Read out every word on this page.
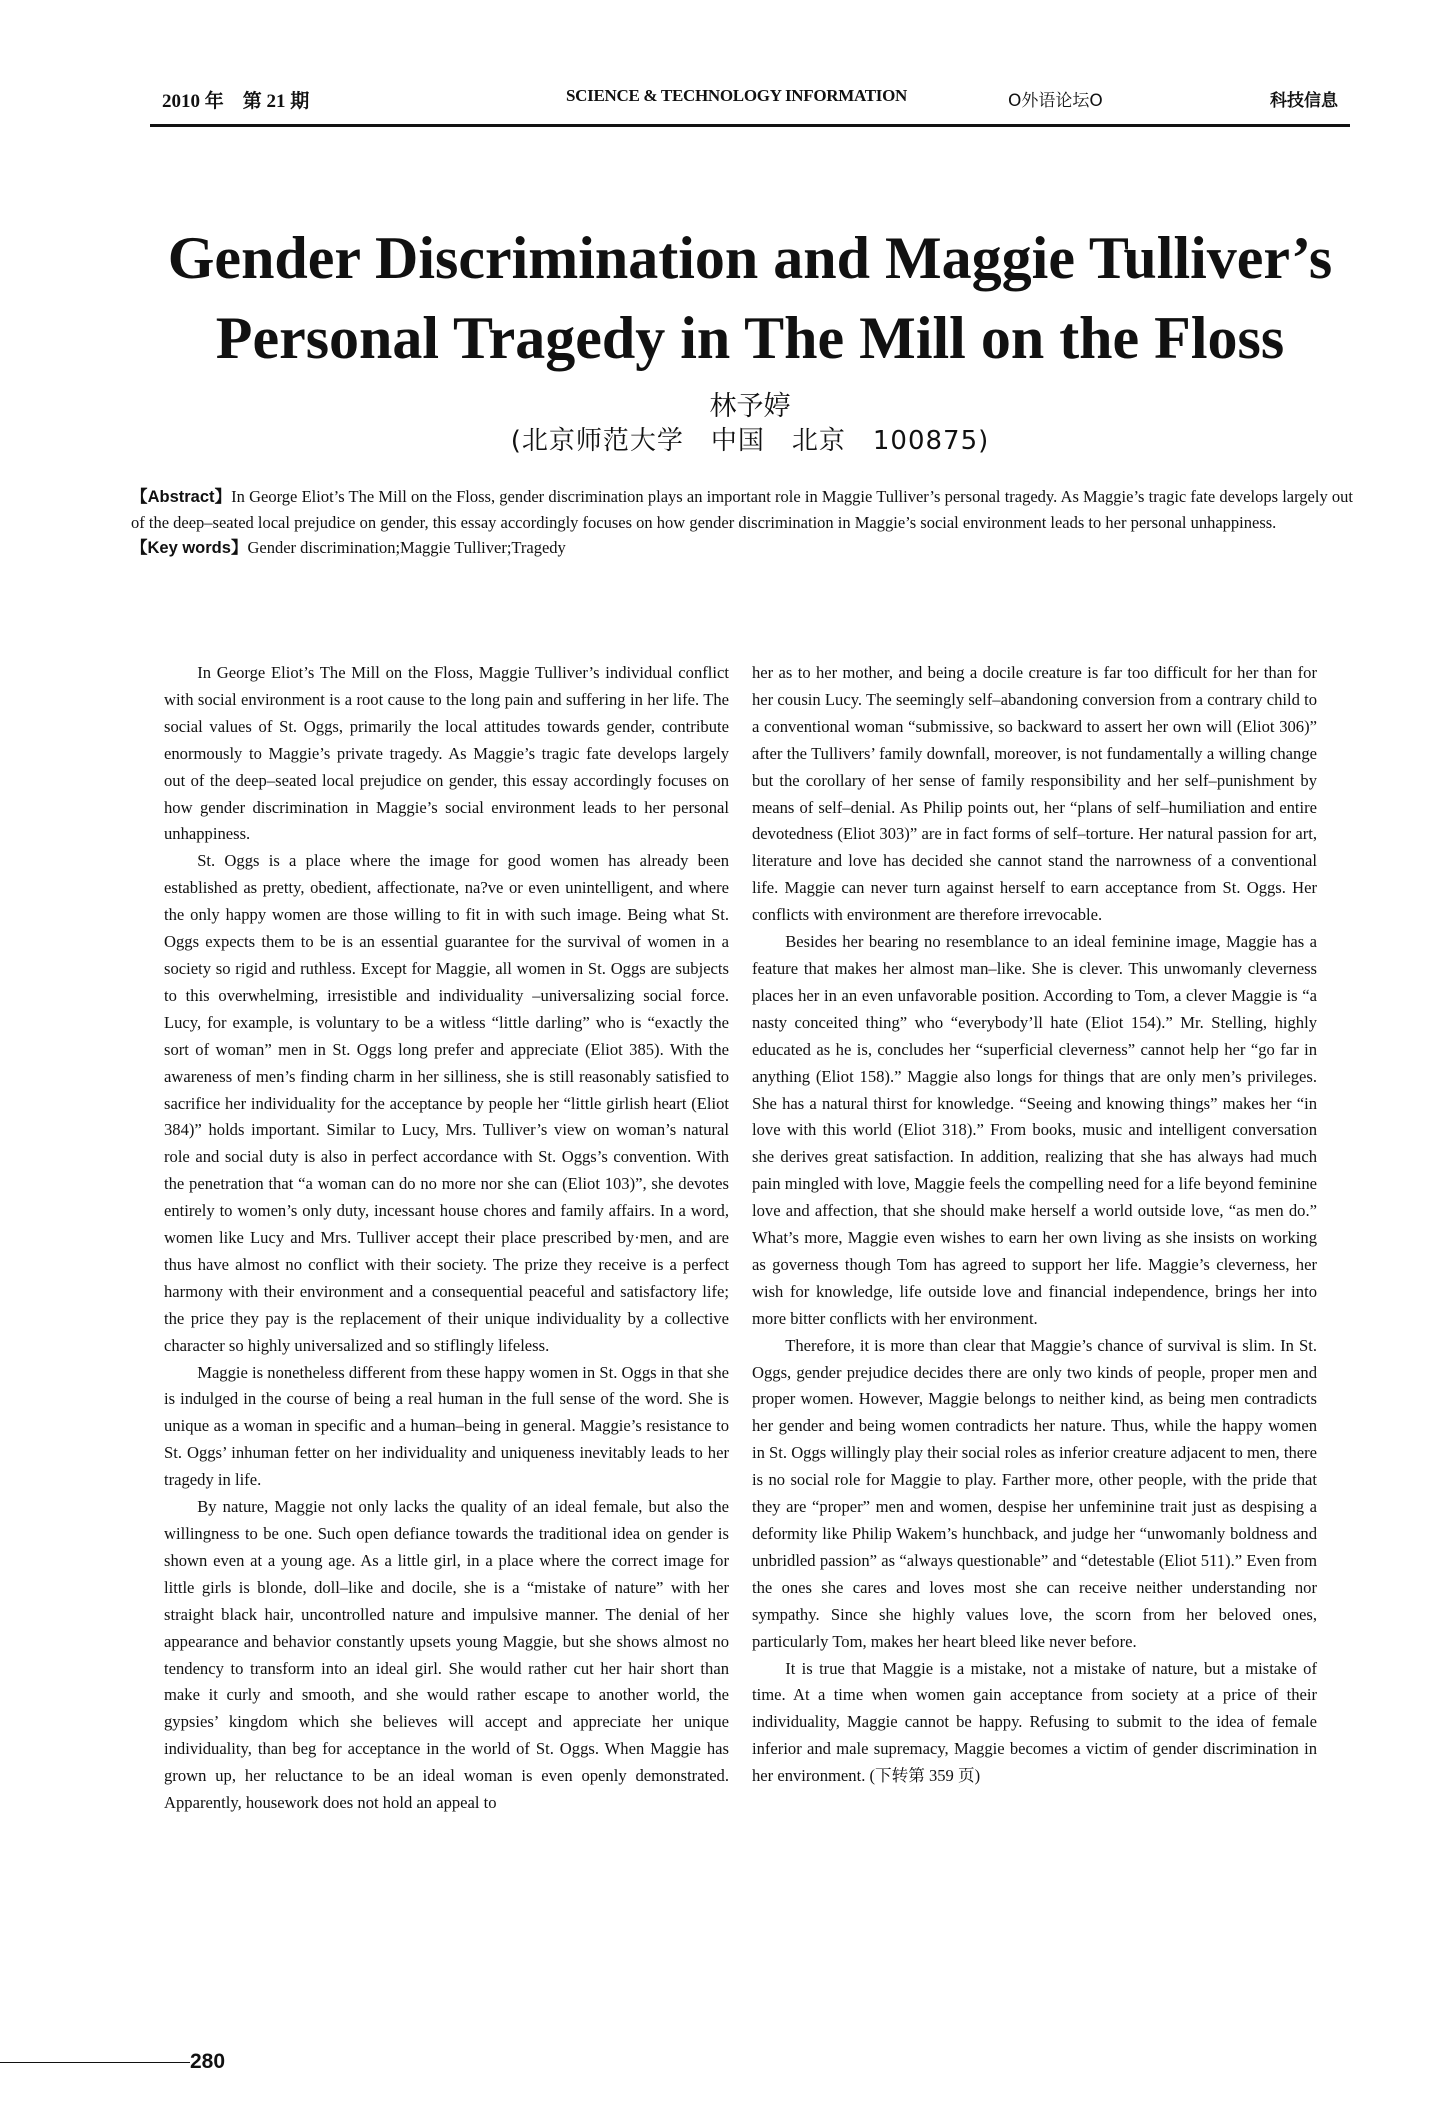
2010 年　第 21 期	SCIENCE & TECHNOLOGY INFORMATION	O外语论坛O	科技信息
Gender Discrimination and Maggie Tulliver’s
Personal Tragedy in The Mill on the Floss
林予婷
(北京师范大学　中国　北京　100875)

【Abstract】In George Eliot’s The Mill on the Floss, gender discrimination plays an important role in Maggie Tulliver’s personal tragedy. As Maggie’s tragic fate develops largely out of the deep–seated local prejudice on gender, this essay accordingly focuses on how gender discrimination in Maggie’s social environment leads to her personal unhappiness.

【Key words】Gender discrimination;Maggie Tulliver;Tragedy

In George Eliot’s The Mill on the Floss, Maggie Tulliver’s individual conflict with social environment is a root cause to the long pain and suffering in her life. The social values of St. Oggs, primarily the local attitudes towards gender, contribute enormously to Maggie’s private tragedy. As Maggie’s tragic fate develops largely out of the deep–seated local prejudice on gender, this essay accordingly focuses on how gender discrimination in Maggie’s social environment leads to her personal unhappiness.

St. Oggs is a place where the image for good women has already been established as pretty, obedient, affectionate, na?ve or even unintelligent, and where the only happy women are those willing to fit in with such image. Being what St. Oggs expects them to be is an essential guarantee for the survival of women in a society so rigid and ruthless. Except for Maggie, all women in St. Oggs are subjects to this overwhelming, irresistible and individuality –universalizing social force. Lucy, for example, is voluntary to be a witless “little darling” who is “exactly the sort of woman” men in St. Oggs long prefer and appreciate (Eliot 385). With the awareness of men’s finding charm in her silliness, she is still reasonably satisfied to sacrifice her individuality for the acceptance by people her “little girlish heart (Eliot 384)” holds important. Similar to Lucy, Mrs. Tulliver’s view on woman’s natural role and social duty is also in perfect accordance with St. Oggs’s convention. With the penetration that “a woman can do no more nor she can (Eliot 103)”, she devotes entirely to women’s only duty, incessant house chores and family affairs. In a word, women like Lucy and Mrs. Tulliver accept their place prescribed by·men, and are thus have almost no conflict with their society. The prize they receive is a perfect harmony with their environment and a consequential peaceful and satisfactory life; the price they pay is the replacement of their unique individuality by a collective character so highly universalized and so stiflingly lifeless.

Maggie is nonetheless different from these happy women in St. Oggs in that she is indulged in the course of being a real human in the full sense of the word. She is unique as a woman in specific and a human–being in general. Maggie’s resistance to St. Oggs’ inhuman fetter on her individuality and uniqueness inevitably leads to her tragedy in life.

By nature, Maggie not only lacks the quality of an ideal female, but also the willingness to be one. Such open defiance towards the traditional idea on gender is shown even at a young age. As a little girl, in a place where the correct image for little girls is blonde, doll–like and docile, she is a “mistake of nature” with her straight black hair, uncontrolled nature and impulsive manner. The denial of her appearance and behavior constantly upsets young Maggie, but she shows almost no tendency to transform into an ideal girl. She would rather cut her hair short than make it curly and smooth, and she would rather escape to another world, the gypsies’ kingdom which she believes will accept and appreciate her unique individuality, than beg for acceptance in the world of St. Oggs. When Maggie has grown up, her reluctance to be an ideal woman is even openly demonstrated. Apparently, housework does not hold an appeal to

her as to her mother, and being a docile creature is far too difficult for her than for her cousin Lucy. The seemingly self–abandoning conversion from a contrary child to a conventional woman “submissive, so backward to assert her own will (Eliot 306)” after the Tullivers’ family downfall, moreover, is not fundamentally a willing change but the corollary of her sense of family responsibility and her self–punishment by means of self–denial. As Philip points out, her “plans of self–humiliation and entire devotedness (Eliot 303)” are in fact forms of self–torture. Her natural passion for art, literature and love has decided she cannot stand the narrowness of a conventional life. Maggie can never turn against herself to earn acceptance from St. Oggs. Her conflicts with environment are therefore irrevocable.

Besides her bearing no resemblance to an ideal feminine image, Maggie has a feature that makes her almost man–like. She is clever. This unwomanly cleverness places her in an even unfavorable position. According to Tom, a clever Maggie is “a nasty conceited thing” who “everybody’ll hate (Eliot 154).” Mr. Stelling, highly educated as he is, concludes her “superficial cleverness” cannot help her “go far in anything (Eliot 158).” Maggie also longs for things that are only men’s privileges. She has a natural thirst for knowledge. “Seeing and knowing things” makes her “in love with this world (Eliot 318).” From books, music and intelligent conversation she derives great satisfaction. In addition, realizing that she has always had much pain mingled with love, Maggie feels the compelling need for a life beyond feminine love and affection, that she should make herself a world outside love, “as men do.” What’s more, Maggie even wishes to earn her own living as she insists on working as governess though Tom has agreed to support her life. Maggie’s cleverness, her wish for knowledge, life outside love and financial independence, brings her into more bitter conflicts with her environment.

Therefore, it is more than clear that Maggie’s chance of survival is slim. In St. Oggs, gender prejudice decides there are only two kinds of people, proper men and proper women. However, Maggie belongs to neither kind, as being men contradicts her gender and being women contradicts her nature. Thus, while the happy women in St. Oggs willingly play their social roles as inferior creature adjacent to men, there is no social role for Maggie to play. Farther more, other people, with the pride that they are “proper” men and women, despise her unfeminine trait just as despising a deformity like Philip Wakem’s hunchback, and judge her “unwomanly boldness and unbridled passion” as “always questionable” and “detestable (Eliot 511).” Even from the ones she cares and loves most she can receive neither understanding nor sympathy. Since she highly values love, the scorn from her beloved ones, particularly Tom, makes her heart bleed like never before.

It is true that Maggie is a mistake, not a mistake of nature, but a mistake of time. At a time when women gain acceptance from society at a price of their individuality, Maggie cannot be happy. Refusing to submit to the idea of female inferior and male supremacy, Maggie becomes a victim of gender discrimination in her environment. (下转第 359 页)

280
